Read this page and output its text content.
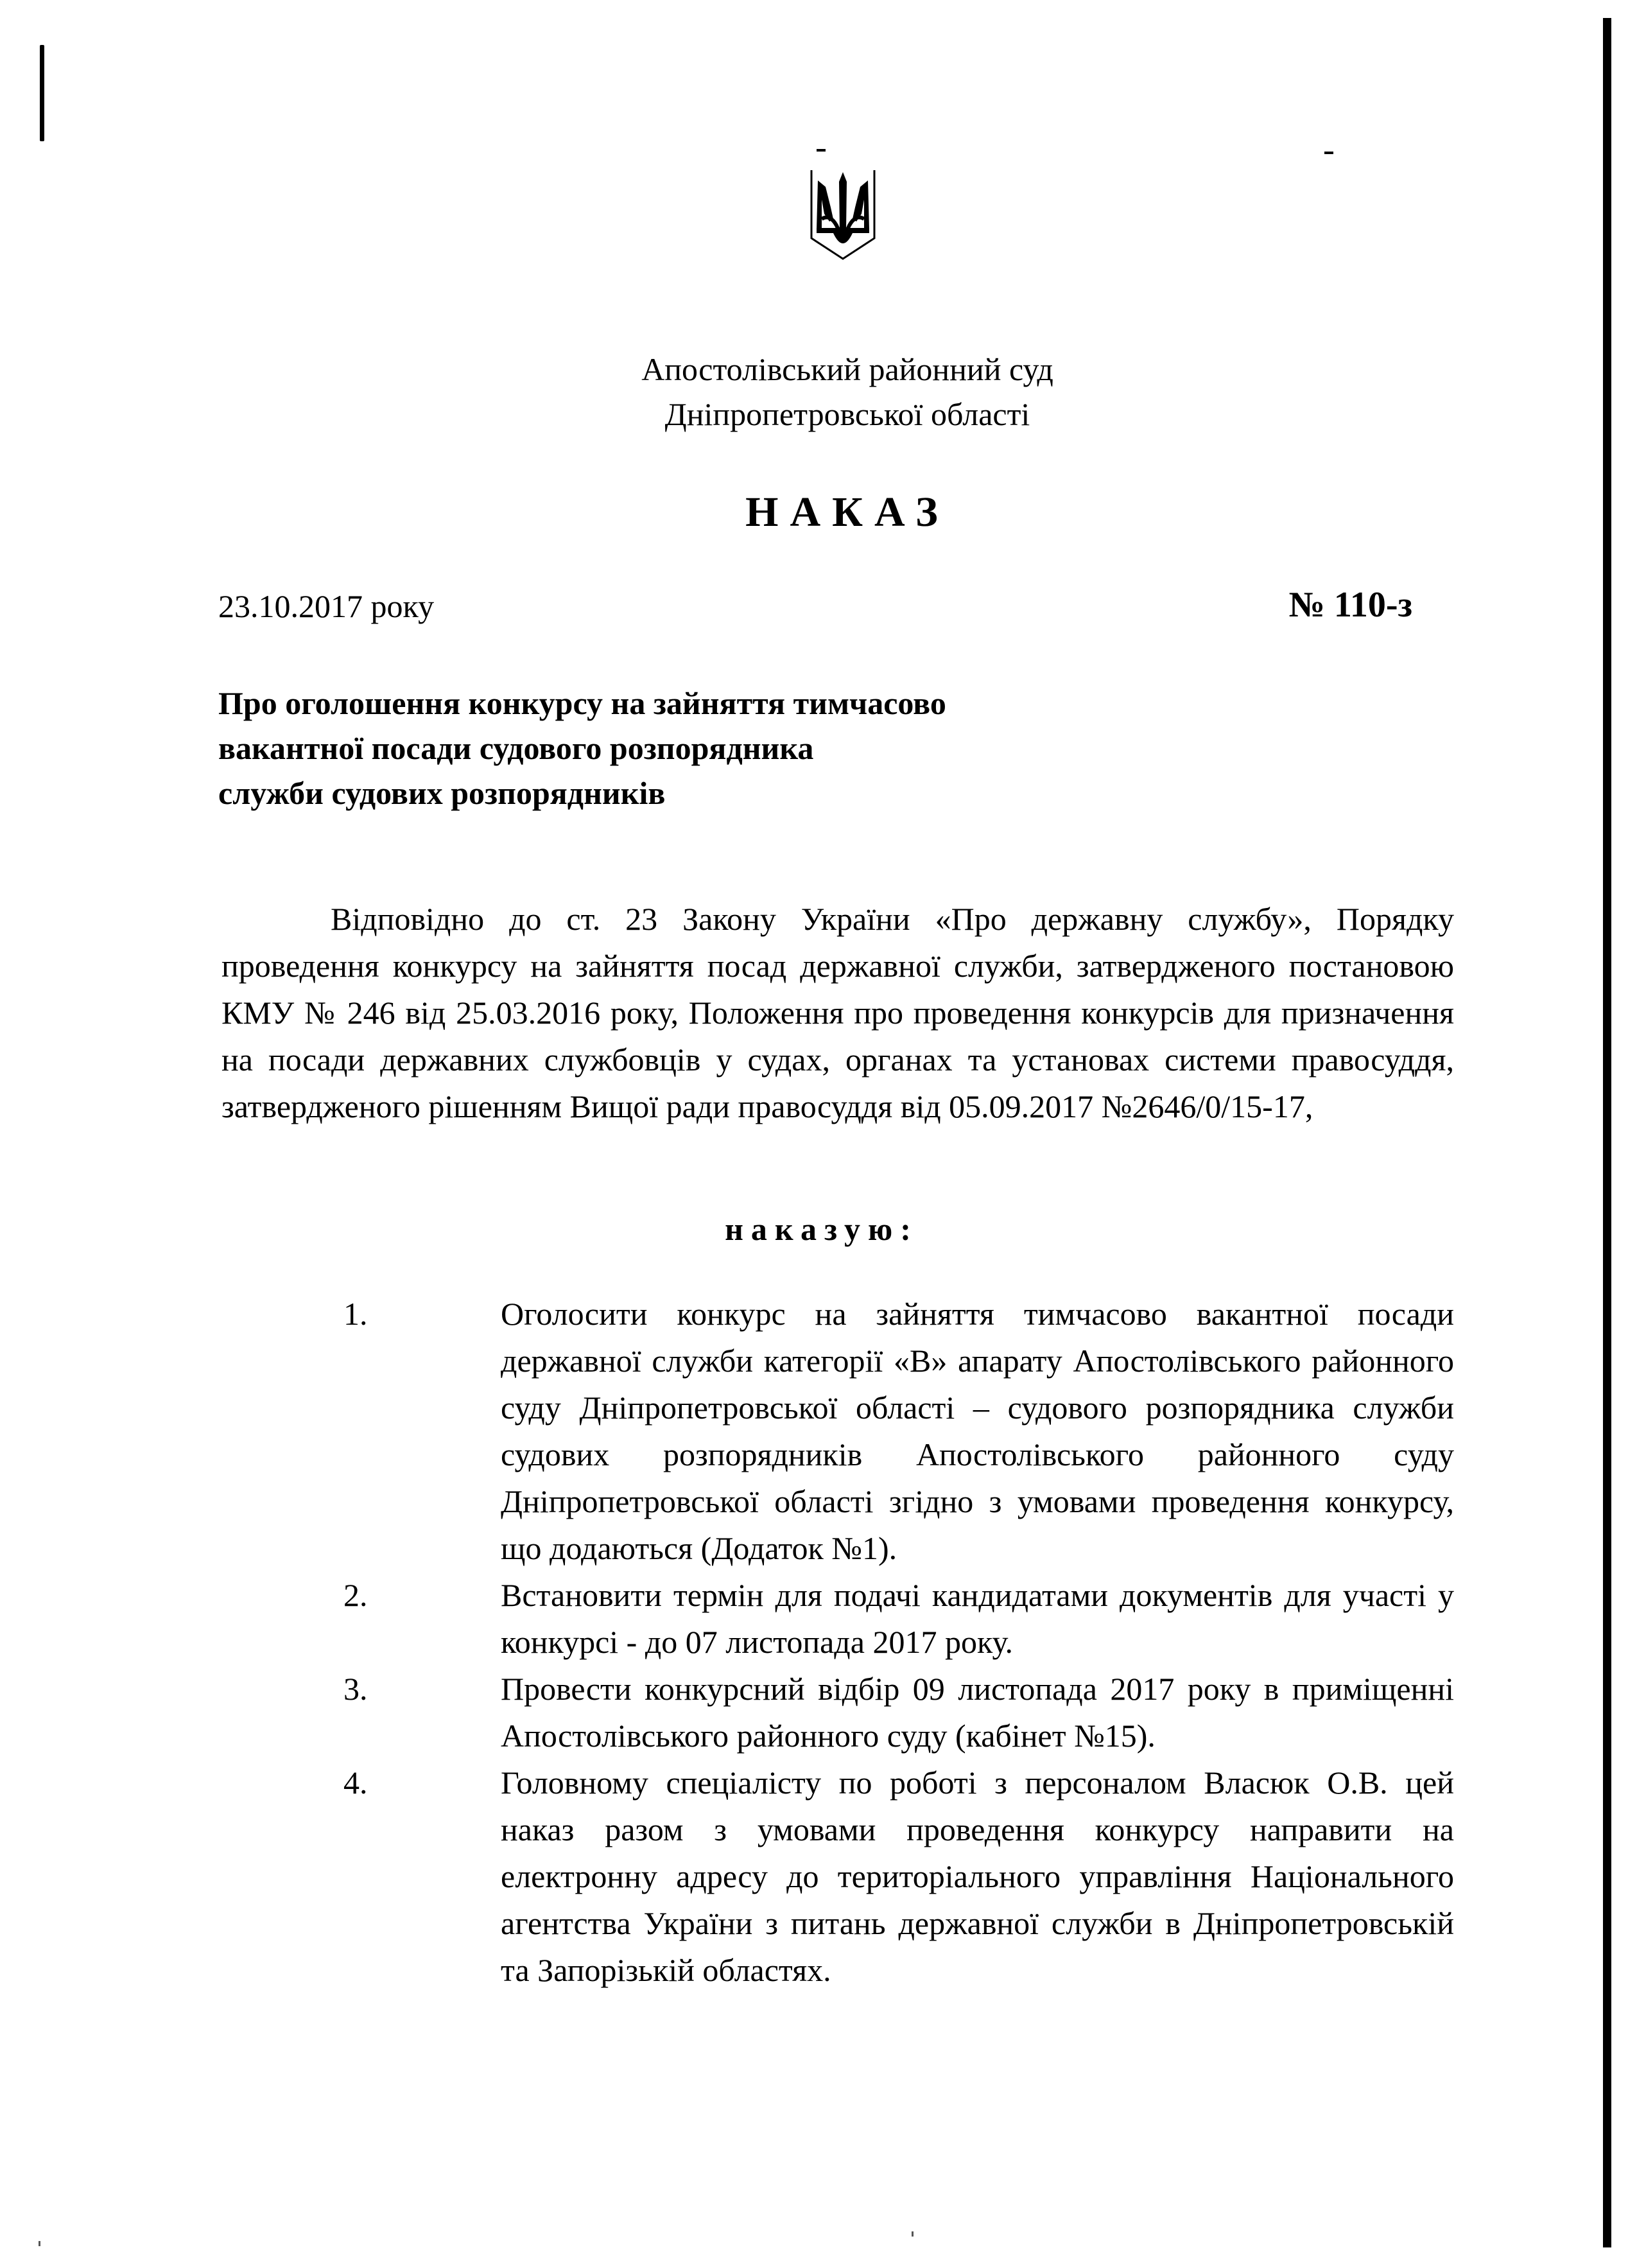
Апостолівський районний суд
Дніпропетровської області
НАКАЗ
23.10.2017 року	№ 110-з
Про оголошення конкурсу на зайняття тимчасово
вакантної посади судового розпорядника
служби судових розпорядників
Відповідно до ст. 23 Закону України «Про державну службу», Порядку проведення конкурсу на зайняття посад державної служби, затвердженого постановою КМУ № 246 від 25.03.2016 року, Положення про проведення конкурсів для призначення на посади державних службовців у судах, органах та установах системи правосуддя, затвердженого рішенням Вищої ради правосуддя від 05.09.2017 №2646/0/15-17,
наказую:
1.	Оголосити конкурс на зайняття тимчасово вакантної посади державної служби категорії «В» апарату Апостолівського районного суду Дніпропетровської області – судового розпорядника служби судових розпорядників Апостолівського районного суду Дніпропетровської області згідно з умовами проведення конкурсу, що додаються (Додаток №1).
2.	Встановити термін для подачі кандидатами документів для участі у конкурсі - до 07 листопада 2017 року.
3.	Провести конкурсний відбір 09 листопада 2017 року в приміщенні Апостолівського районного суду (кабінет №15).
4.	Головному спеціалісту по роботі з персоналом Власюк О.В. цей наказ разом з умовами проведення конкурсу направити на електронну адресу до територіального управління Національного агентства України з питань державної служби в Дніпропетровській та Запорізькій областях.
